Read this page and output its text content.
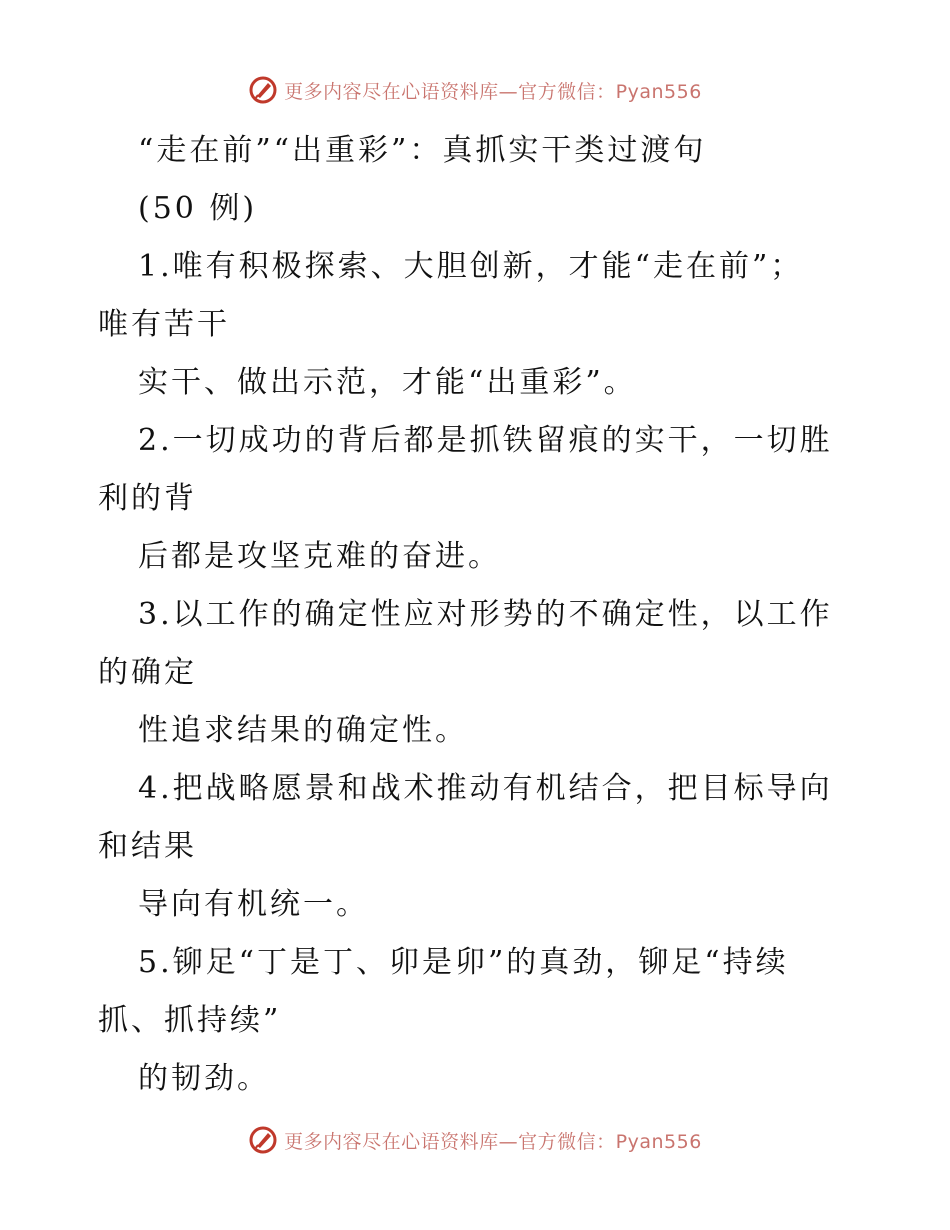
更多内容尽在心语资料库—官方微信：Pyan556
“走在前”“出重彩”：真抓实干类过渡句
(50 例)
1.唯有积极探索、大胆创新，才能“走在前”；
唯有苦干
实干、做出示范，才能“出重彩”。
2.一切成功的背后都是抓铁留痕的实干，一切胜
利的背
后都是攻坚克难的奋进。
3.以工作的确定性应对形势的不确定性，以工作
的确定
性追求结果的确定性。
4.把战略愿景和战术推动有机结合，把目标导向
和结果
导向有机统一。
5.铆足“丁是丁、卯是卯”的真劲，铆足“持续
抓、抓持续”
的韧劲。
更多内容尽在心语资料库—官方微信：Pyan556
